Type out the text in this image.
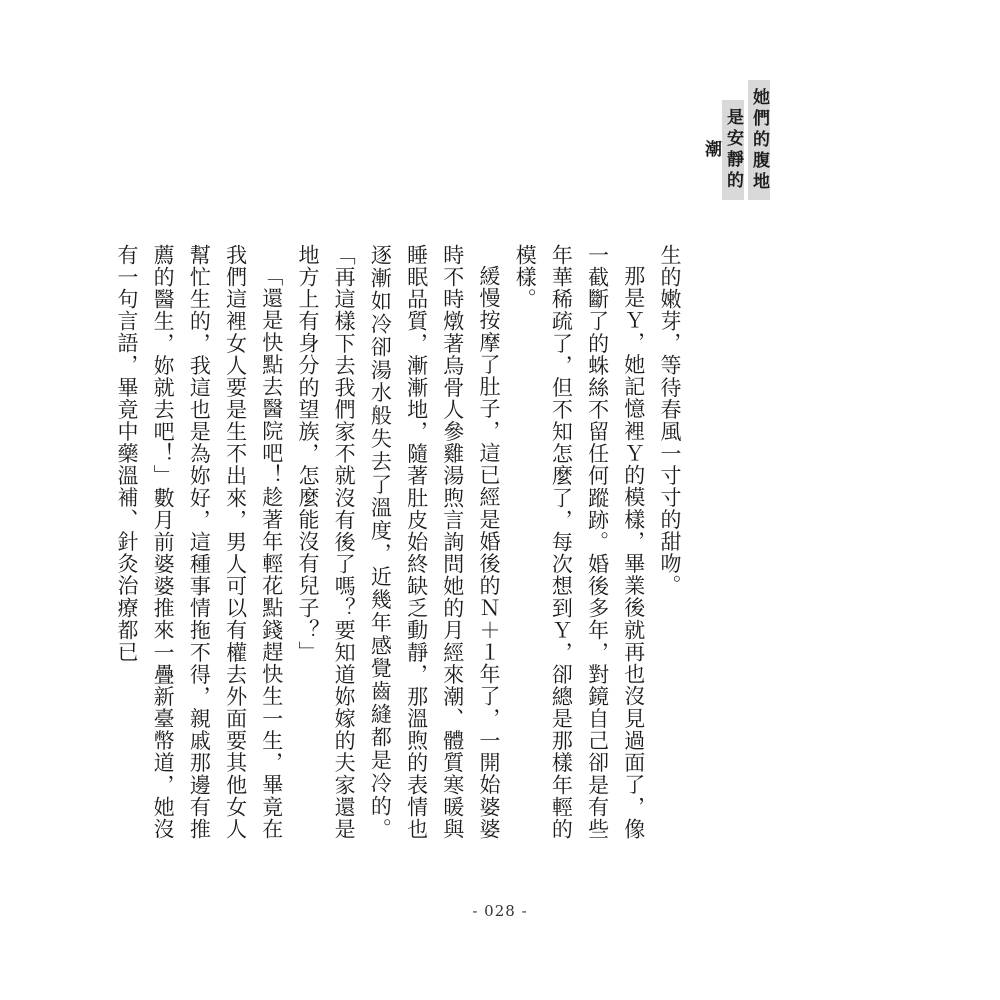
她們的腹地
是安靜的潮

生的嫩芽，等待春風一寸寸的甜吻。

那是Ｙ，她記憶裡Ｙ的模樣，畢業後就再也沒見過面了，像一截斷了的蛛絲不留任何蹤跡。婚後多年，對鏡自己卻是有些年華稀疏了，但不知怎麼了，每次想到Ｙ，卻總是那樣年輕的模樣。

緩慢按摩了肚子，這已經是婚後的Ｎ＋１年了，一開始婆婆時不時燉著烏骨人參雞湯煦言詢問她的月經來潮、體質寒暖與睡眠品質，漸漸地，隨著肚皮始終缺乏動靜，那溫煦的表情也逐漸如冷卻湯水般失去了溫度，近幾年感覺齒縫都是冷的。「再這樣下去我們家不就沒有後了嗎？要知道妳嫁的夫家還是地方上有身分的望族，怎麼能沒有兒子？」

「還是快點去醫院吧！趁著年輕花點錢趕快生一生，畢竟在我們這裡女人要是生不出來，男人可以有權去外面要其他女人幫忙生的，我這也是為妳好，這種事情拖不得，親戚那邊有推薦的醫生，妳就去吧！」數月前婆婆推來一疊新臺幣道，她沒有一句言語，畢竟中藥溫補、針灸治療都已

- 028 -
